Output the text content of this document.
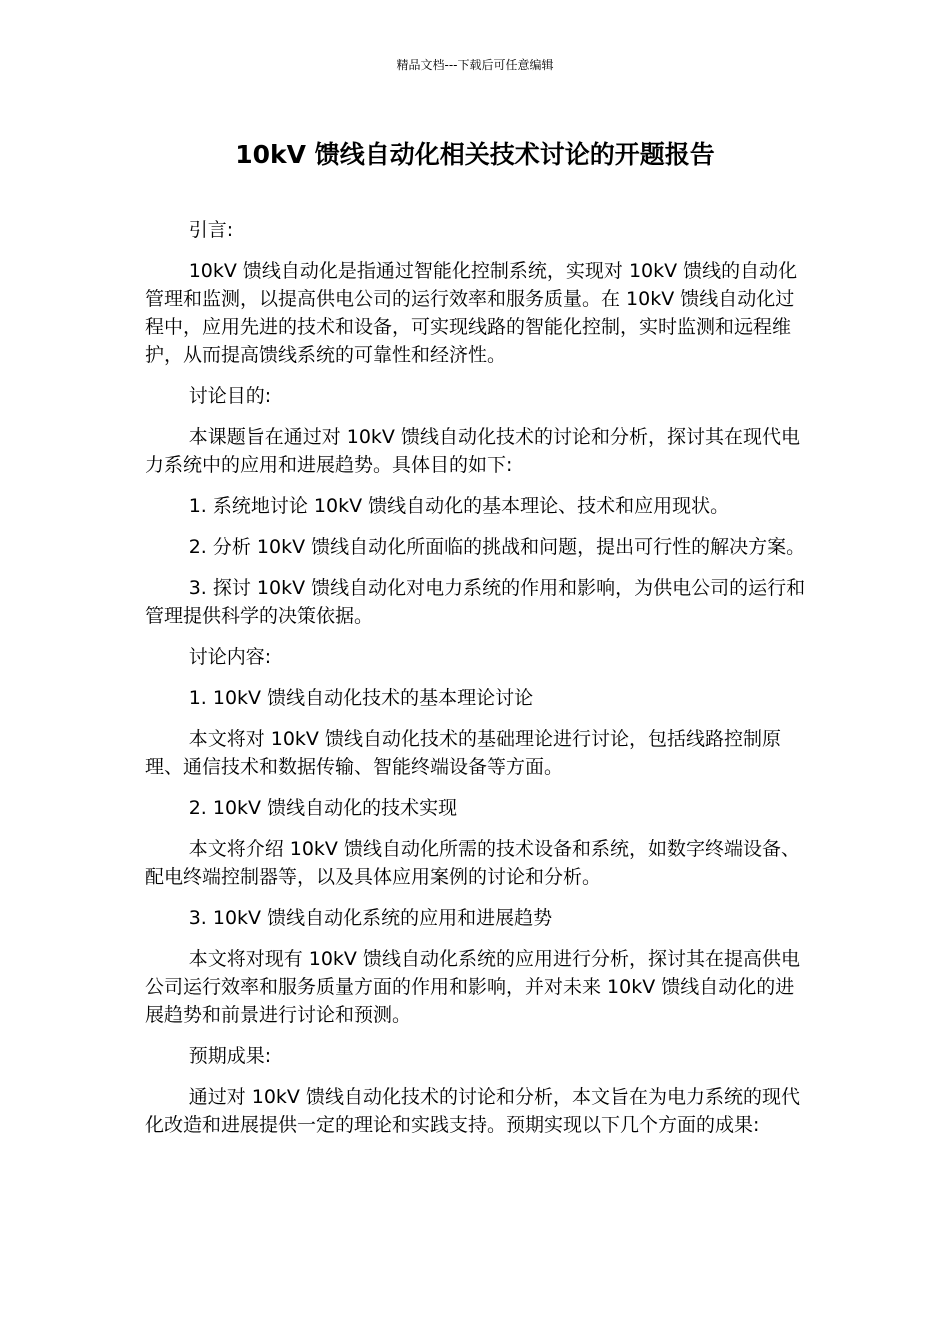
精品文档---下载后可任意编辑
10kV 馈线自动化相关技术讨论的开题报告

引言:

10kV 馈线自动化是指通过智能化控制系统，实现对 10kV 馈线的自动化管理和监测，以提高供电公司的运行效率和服务质量。在 10kV 馈线自动化过程中，应用先进的技术和设备，可实现线路的智能化控制，实时监测和远程维护，从而提高馈线系统的可靠性和经济性。

讨论目的:

本课题旨在通过对 10kV 馈线自动化技术的讨论和分析，探讨其在现代电力系统中的应用和进展趋势。具体目的如下:

1. 系统地讨论 10kV 馈线自动化的基本理论、技术和应用现状。

2. 分析 10kV 馈线自动化所面临的挑战和问题，提出可行性的解决方案。

3. 探讨 10kV 馈线自动化对电力系统的作用和影响，为供电公司的运行和管理提供科学的决策依据。

讨论内容:

1. 10kV 馈线自动化技术的基本理论讨论

本文将对 10kV 馈线自动化技术的基础理论进行讨论，包括线路控制原理、通信技术和数据传输、智能终端设备等方面。

2. 10kV 馈线自动化的技术实现

本文将介绍 10kV 馈线自动化所需的技术设备和系统，如数字终端设备、配电终端控制器等，以及具体应用案例的讨论和分析。

3. 10kV 馈线自动化系统的应用和进展趋势

本文将对现有 10kV 馈线自动化系统的应用进行分析，探讨其在提高供电公司运行效率和服务质量方面的作用和影响，并对未来 10kV 馈线自动化的进展趋势和前景进行讨论和预测。

预期成果:

通过对 10kV 馈线自动化技术的讨论和分析，本文旨在为电力系统的现代化改造和进展提供一定的理论和实践支持。预期实现以下几个方面的成果:
